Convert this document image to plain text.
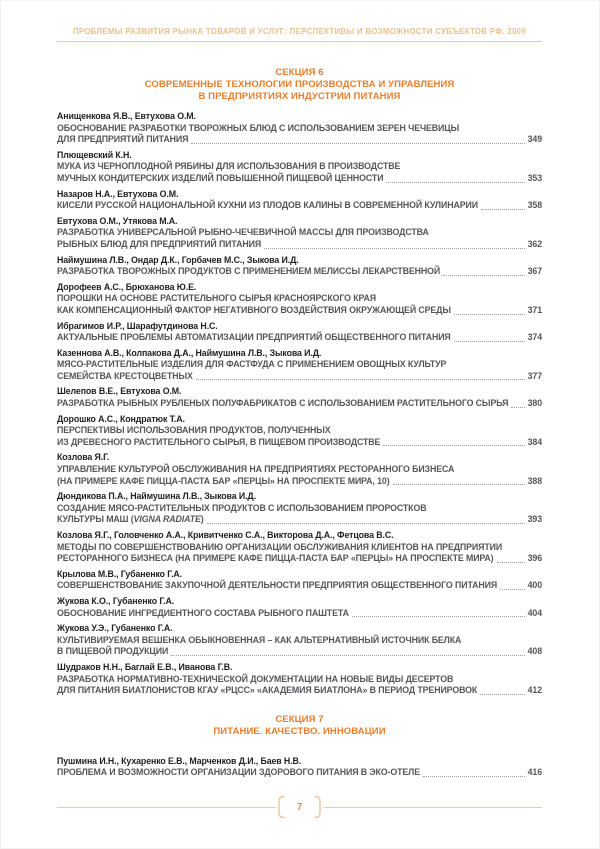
ПРОБЛЕМЫ РАЗВИТИЯ РЫНКА ТОВАРОВ И УСЛУГ: ПЕРСПЕКТИВЫ И ВОЗМОЖНОСТИ СУБЪЕКТОВ РФ. 2009
СЕКЦИЯ 6
СОВРЕМЕННЫЕ ТЕХНОЛОГИИ ПРОИЗВОДСТВА И УПРАВЛЕНИЯ
В ПРЕДПРИЯТИЯХ ИНДУСТРИИ ПИТАНИЯ
Анищенкова Я.В., Евтухова О.М.
ОБОСНОВАНИЕ РАЗРАБОТКИ ТВОРОЖНЫХ БЛЮД С ИСПОЛЬЗОВАНИЕМ ЗЕРЕН ЧЕЧЕВИЦЫ
ДЛЯ ПРЕДПРИЯТИЙ ПИТАНИЯ	349
Плющевский К.Н.
МУКА ИЗ ЧЕРНОПЛОДНОЙ РЯБИНЫ ДЛЯ ИСПОЛЬЗОВАНИЯ В ПРОИЗВОДСТВЕ
МУЧНЫХ КОНДИТЕРСКИХ ИЗДЕЛИЙ ПОВЫШЕННОЙ ПИЩЕВОЙ ЦЕННОСТИ	353
Назаров Н.А., Евтухова О.М.
КИСЕЛИ РУССКОЙ НАЦИОНАЛЬНОЙ КУХНИ ИЗ ПЛОДОВ КАЛИНЫ В СОВРЕМЕННОЙ КУЛИНАРИИ	358
Евтухова О.М., Утякова М.А.
РАЗРАБОТКА УНИВЕРСАЛЬНОЙ РЫБНО-ЧЕЧЕВИЧНОЙ МАССЫ ДЛЯ ПРОИЗВОДСТВА
РЫБНЫХ БЛЮД ДЛЯ ПРЕДПРИЯТИЙ ПИТАНИЯ	362
Наймушина Л.В., Ондар Д.К., Горбачев М.С., Зыкова И.Д.
РАЗРАБОТКА ТВОРОЖНЫХ ПРОДУКТОВ С ПРИМЕНЕНИЕМ МЕЛИССЫ ЛЕКАРСТВЕННОЙ	367
Дорофеев А.С., Брюханова Ю.Е.
ПОРОШКИ НА ОСНОВЕ РАСТИТЕЛЬНОГО СЫРЬЯ КРАСНОЯРСКОГО КРАЯ
КАК КОМПЕНСАЦИОННЫЙ ФАКТОР НЕГАТИВНОГО ВОЗДЕЙСТВИЯ ОКРУЖАЮЩЕЙ СРЕДЫ	371
Ибрагимов И.Р., Шарафутдинова Н.С.
АКТУАЛЬНЫЕ ПРОБЛЕМЫ АВТОМАТИЗАЦИИ ПРЕДПРИЯТИЙ ОБЩЕСТВЕННОГО ПИТАНИЯ	374
Казеннова А.В., Колпакова Д.А., Наймушина Л.В., Зыкова И.Д.
МЯСО-РАСТИТЕЛЬНЫЕ ИЗДЕЛИЯ ДЛЯ ФАСТФУДА С ПРИМЕНЕНИЕМ ОВОЩНЫХ КУЛЬТУР
СЕМЕЙСТВА КРЕСТОЦВЕТНЫХ	377
Шелепов В.Е., Евтухова О.М.
РАЗРАБОТКА РЫБНЫХ РУБЛЕНЫХ ПОЛУФАБРИКАТОВ С ИСПОЛЬЗОВАНИЕМ РАСТИТЕЛЬНОГО СЫРЬЯ 380
Дорошко А.С., Кондратюк Т.А.
ПЕРСПЕКТИВЫ ИСПОЛЬЗОВАНИЯ ПРОДУКТОВ, ПОЛУЧЕННЫХ
ИЗ ДРЕВЕСНОГО РАСТИТЕЛЬНОГО СЫРЬЯ, В ПИЩЕВОМ ПРОИЗВОДСТВЕ	384
Козлова Я.Г.
УПРАВЛЕНИЕ КУЛЬТУРОЙ ОБСЛУЖИВАНИЯ НА ПРЕДПРИЯТИЯХ РЕСТОРАННОГО БИЗНЕСА
(НА ПРИМЕРЕ КАФЕ ПИЦЦА-ПАСТА БАР «ПЕРЦЫ» НА ПРОСПЕКТЕ МИРА, 10)	388
Дюндикова П.А., Наймушина Л.В., Зыкова И.Д.
СОЗДАНИЕ МЯСО-РАСТИТЕЛЬНЫХ ПРОДУКТОВ С ИСПОЛЬЗОВАНИЕМ ПРОРОСТКОВ
КУЛЬТУРЫ МАШ (VIGNA RADIATE)	393
Козлова Я.Г., Головченко А.А., Кривитченко С.А., Викторова Д.А., Фетцова В.С.
МЕТОДЫ ПО СОВЕРШЕНСТВОВАНИЮ ОРГАНИЗАЦИИ ОБСЛУЖИВАНИЯ КЛИЕНТОВ НА ПРЕДПРИЯТИИ
РЕСТОРАННОГО БИЗНЕСА (НА ПРИМЕРЕ КАФЕ ПИЦЦА-ПАСТА БАР «ПЕРЦЫ» НА ПРОСПЕКТЕ МИРА)	396
Крылова М.В., Губаненко Г.А.
СОВЕРШЕНСТВОВАНИЕ ЗАКУПОЧНОЙ ДЕЯТЕЛЬНОСТИ ПРЕДПРИЯТИЯ ОБЩЕСТВЕННОГО ПИТАНИЯ	400
Жукова К.О., Губаненко Г.А.
ОБОСНОВАНИЕ ИНГРЕДИЕНТНОГО СОСТАВА РЫБНОГО ПАШТЕТА	404
Жукова У.Э., Губаненко Г.А.
КУЛЬТИВИРУЕМАЯ ВЕШЕНКА ОБЫКНОВЕННАЯ – КАК АЛЬТЕРНАТИВНЫЙ ИСТОЧНИК БЕЛКА
В ПИЩЕВОЙ ПРОДУКЦИИ	408
Шудраков Н.Н., Баглай Е.В., Иванова Г.В.
РАЗРАБОТКА НОРМАТИВНО-ТЕХНИЧЕСКОЙ ДОКУМЕНТАЦИИ НА НОВЫЕ ВИДЫ ДЕСЕРТОВ
ДЛЯ ПИТАНИЯ БИАТЛОНИСТОВ КГАУ «РЦСС» «АКАДЕМИЯ БИАТЛОНА» В ПЕРИОД ТРЕНИРОВОК	412
СЕКЦИЯ 7
ПИТАНИЕ. КАЧЕСТВО. ИННОВАЦИИ
Пушмина И.Н., Кухаренко Е.В., Марченков Д.И., Баев Н.В.
ПРОБЛЕМА И ВОЗМОЖНОСТИ ОРГАНИЗАЦИИ ЗДОРОВОГО ПИТАНИЯ В ЭКО-ОТЕЛЕ	416
7
